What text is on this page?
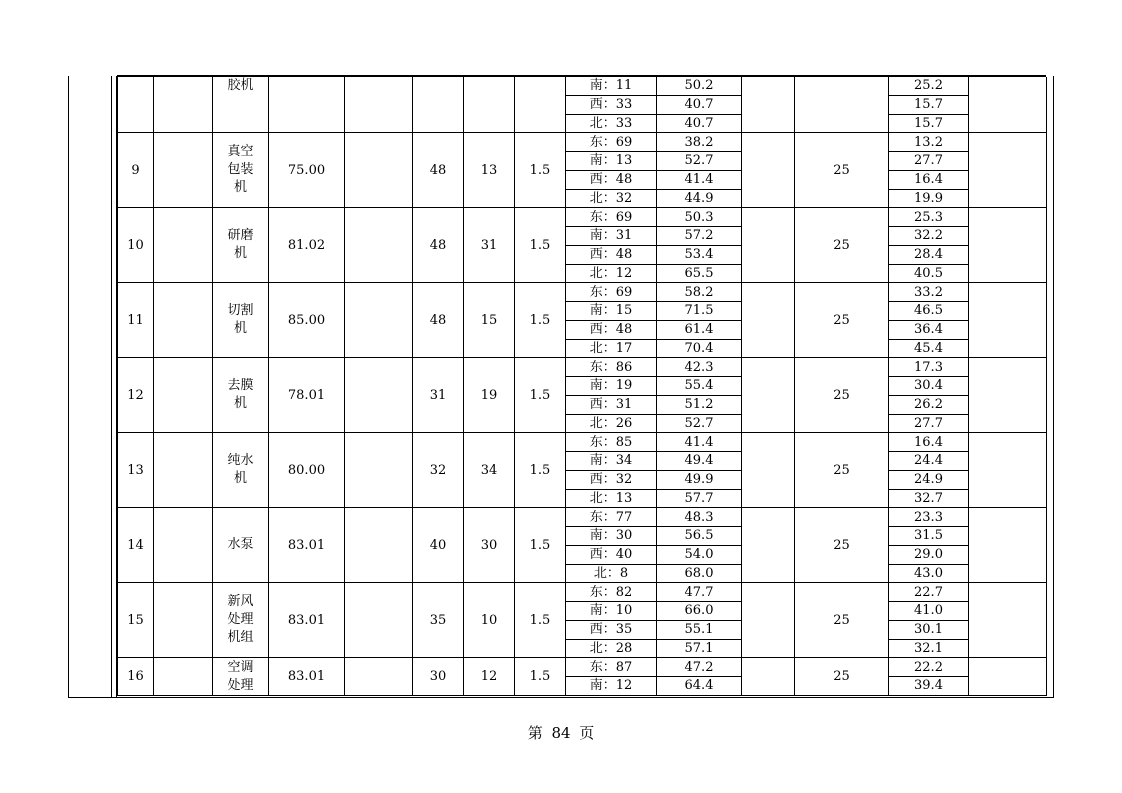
		胶机						南：11	50.2			25.2	
								西：33	40.7			15.7	
								北：33	40.7			15.7	
9		真空
包装
机	75.00		48	13	1.5	东：69	38.2		25	13.2	
								南：13	52.7			27.7	
								西：48	41.4			16.4	
								北：32	44.9			19.9	
10		研磨
机	81.02		48	31	1.5	东：69	50.3		25	25.3	
								南：31	57.2			32.2	
								西：48	53.4			28.4	
								北：12	65.5			40.5	
11		切割
机	85.00		48	15	1.5	东：69	58.2		25	33.2	
								南：15	71.5			46.5	
								西：48	61.4			36.4	
								北：17	70.4			45.4	
12		去膜
机	78.01		31	19	1.5	东：86	42.3		25	17.3	
								南：19	55.4			30.4	
								西：31	51.2			26.2	
								北：26	52.7			27.7	
13		纯水
机	80.00		32	34	1.5	东：85	41.4		25	16.4	
								南：34	49.4			24.4	
								西：32	49.9			24.9	
								北：13	57.7			32.7	
14		水泵	83.01		40	30	1.5	东：77	48.3		25	23.3	
								南：30	56.5			31.5	
								西：40	54.0			29.0	
								北：8	68.0			43.0	
15		新风
处理
机组	83.01		35	10	1.5	东：82	47.7		25	22.7	
								南：10	66.0			41.0	
								西：35	55.1			30.1	
								北：28	57.1			32.1	
16		空调
处理	83.01		30	12	1.5	东：87	47.2		25	22.2	
								南：12	64.4			39.4	
第 84 页
